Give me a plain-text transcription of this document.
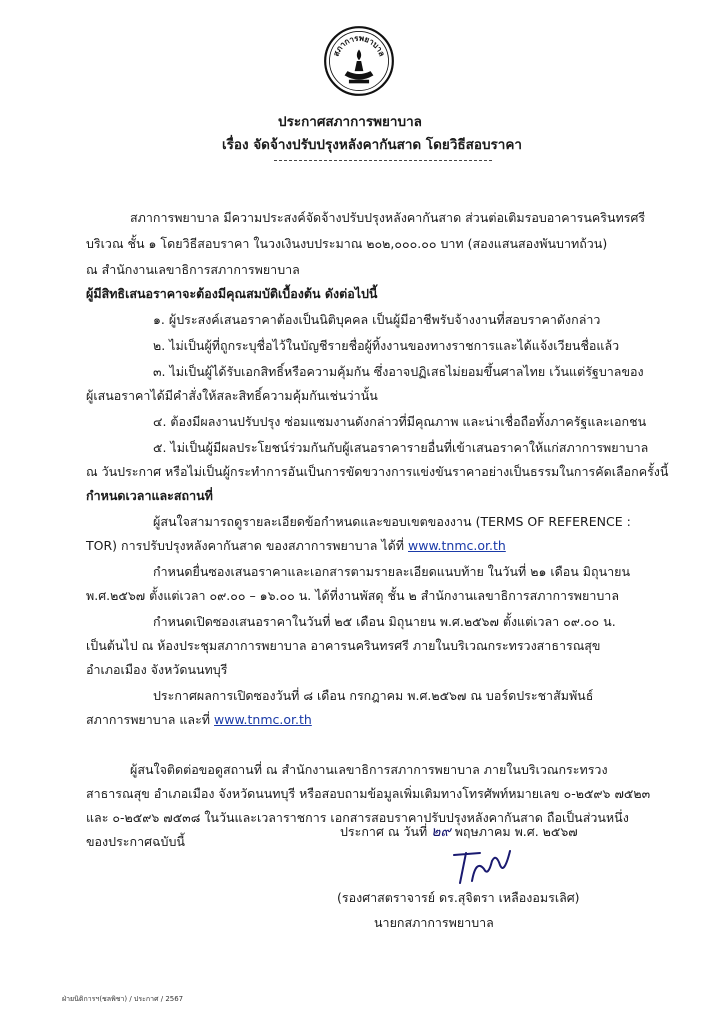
สภาการพยาบาล
ประกาศสภาการพยาบาล
เรื่อง จัดจ้างปรับปรุงหลังคากันสาด โดยวิธีสอบราคา
สภาการพยาบาล มีความประสงค์จัดจ้างปรับปรุงหลังคากันสาด ส่วนต่อเติมรอบอาคารนครินทรศรี
บริเวณ ชั้น ๑ โดยวิธีสอบราคา ในวงเงินงบประมาณ ๒๐๒,๐๐๐.๐๐ บาท (สองแสนสองพันบาทถ้วน)
ณ สำนักงานเลขาธิการสภาการพยาบาล
ผู้มีสิทธิเสนอราคาจะต้องมีคุณสมบัติเบื้องต้น ดังต่อไปนี้
๑. ผู้ประสงค์เสนอราคาต้องเป็นนิติบุคคล เป็นผู้มีอาชีพรับจ้างงานที่สอบราคาดังกล่าว
๒. ไม่เป็นผู้ที่ถูกระบุชื่อไว้ในบัญชีรายชื่อผู้ทิ้งงานของทางราชการและได้แจ้งเวียนชื่อแล้ว
๓. ไม่เป็นผู้ได้รับเอกสิทธิ์หรือความคุ้มกัน ซึ่งอาจปฏิเสธไม่ยอมขึ้นศาลไทย เว้นแต่รัฐบาลของ
ผู้เสนอราคาได้มีคำสั่งให้สละสิทธิ์ความคุ้มกันเช่นว่านั้น
๔. ต้องมีผลงานปรับปรุง ซ่อมแซมงานดังกล่าวที่มีคุณภาพ และน่าเชื่อถือทั้งภาครัฐและเอกชน
๕. ไม่เป็นผู้มีผลประโยชน์ร่วมกันกับผู้เสนอราคารายอื่นที่เข้าเสนอราคาให้แก่สภาการพยาบาล
ณ วันประกาศ หรือไม่เป็นผู้กระทำการอันเป็นการขัดขวางการแข่งขันราคาอย่างเป็นธรรมในการคัดเลือกครั้งนี้
กำหนดเวลาและสถานที่
ผู้สนใจสามารถดูรายละเอียดข้อกำหนดและขอบเขตของงาน (TERMS OF REFERENCE :
TOR) การปรับปรุงหลังคากันสาด ของสภาการพยาบาล ได้ที่ www.tnmc.or.th
กำหนดยื่นซองเสนอราคาและเอกสารตามรายละเอียดแนบท้าย ในวันที่ ๒๑ เดือน มิถุนายน
พ.ศ.๒๕๖๗ ตั้งแต่เวลา ๐๙.๐๐ – ๑๖.๐๐ น. ได้ที่งานพัสดุ ชั้น ๒ สำนักงานเลขาธิการสภาการพยาบาล
กำหนดเปิดซองเสนอราคาในวันที่ ๒๕ เดือน มิถุนายน พ.ศ.๒๕๖๗ ตั้งแต่เวลา ๐๙.๐๐ น.
เป็นต้นไป ณ ห้องประชุมสภาการพยาบาล อาคารนครินทรศรี ภายในบริเวณกระทรวงสาธารณสุข
อำเภอเมือง จังหวัดนนทบุรี
ประกาศผลการเปิดซองวันที่ ๘ เดือน กรกฎาคม พ.ศ.๒๕๖๗ ณ บอร์ดประชาสัมพันธ์
สภาการพยาบาล และที่ www.tnmc.or.th
ผู้สนใจติดต่อขอดูสถานที่ ณ สำนักงานเลขาธิการสภาการพยาบาล ภายในบริเวณกระทรวง
สาธารณสุข อำเภอเมือง จังหวัดนนทบุรี หรือสอบถามข้อมูลเพิ่มเติมทางโทรศัพท์หมายเลข ๐-๒๕๙๖ ๗๕๒๓
และ ๐-๒๕๙๖ ๗๕๓๘ ในวันและเวลาราชการ เอกสารสอบราคาปรับปรุงหลังคากันสาด ถือเป็นส่วนหนึ่ง
ของประกาศฉบับนี้
ประกาศ ณ วันที่ ๒๙ พฤษภาคม พ.ศ. ๒๕๖๗
(รองศาสตราจารย์ ดร.สุจิตรา เหลืองอมรเลิศ)
นายกสภาการพยาบาล
ฝ่ายนิติการฯ(ชลพิชา) / ประกาศ / 2567
